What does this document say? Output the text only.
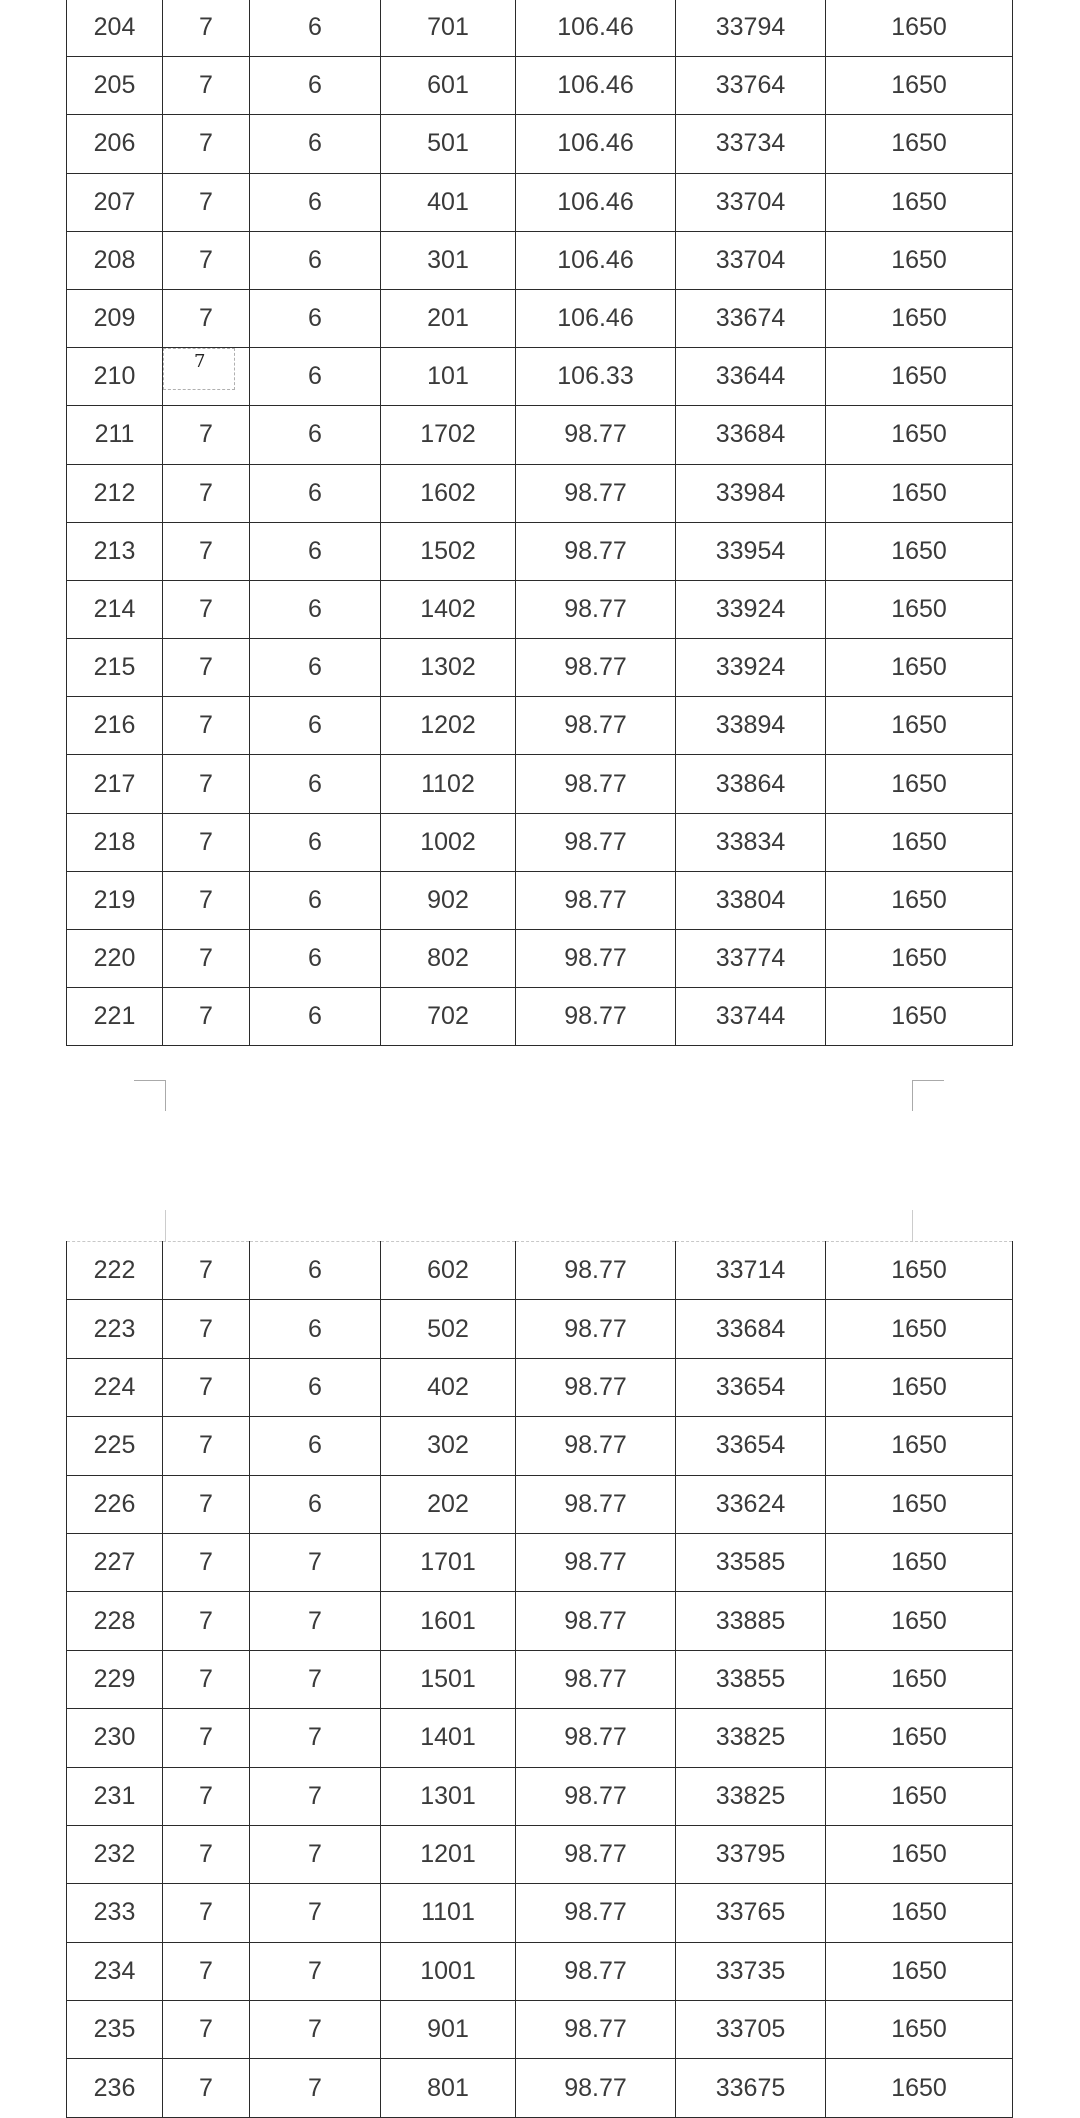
204	7	6	701	106.46	33794	1650
205	7	6	601	106.46	33764	1650
206	7	6	501	106.46	33734	1650
207	7	6	401	106.46	33704	1650
208	7	6	301	106.46	33704	1650
209	7	6	201	106.46	33674	1650
210	7	6	101	106.33	33644	1650
211	7	6	1702	98.77	33684	1650
212	7	6	1602	98.77	33984	1650
213	7	6	1502	98.77	33954	1650
214	7	6	1402	98.77	33924	1650
215	7	6	1302	98.77	33924	1650
216	7	6	1202	98.77	33894	1650
217	7	6	1102	98.77	33864	1650
218	7	6	1002	98.77	33834	1650
219	7	6	902	98.77	33804	1650
220	7	6	802	98.77	33774	1650
221	7	6	702	98.77	33744	1650
222	7	6	602	98.77	33714	1650
223	7	6	502	98.77	33684	1650
224	7	6	402	98.77	33654	1650
225	7	6	302	98.77	33654	1650
226	7	6	202	98.77	33624	1650
227	7	7	1701	98.77	33585	1650
228	7	7	1601	98.77	33885	1650
229	7	7	1501	98.77	33855	1650
230	7	7	1401	98.77	33825	1650
231	7	7	1301	98.77	33825	1650
232	7	7	1201	98.77	33795	1650
233	7	7	1101	98.77	33765	1650
234	7	7	1001	98.77	33735	1650
235	7	7	901	98.77	33705	1650
236	7	7	801	98.77	33675	1650
